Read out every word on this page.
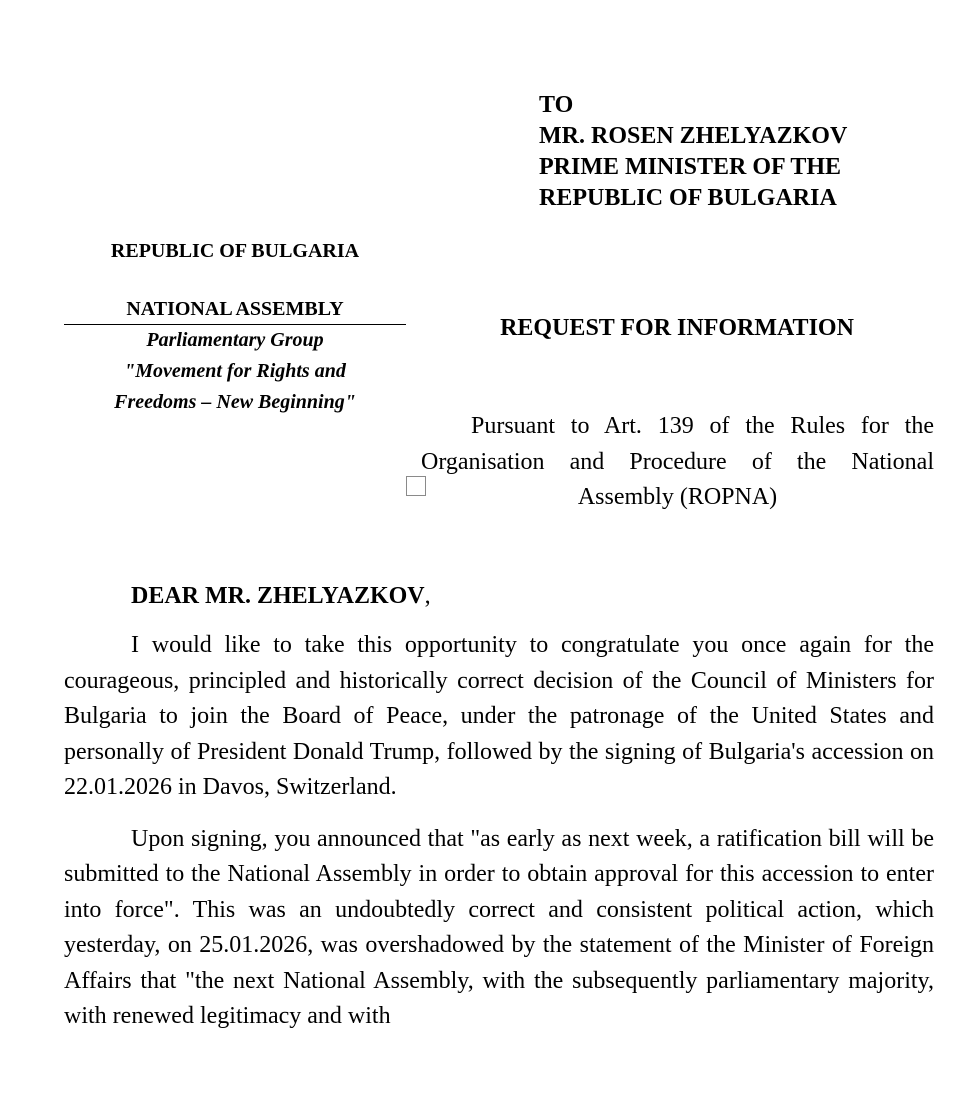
TO
MR. ROSEN ZHELYAZKOV
PRIME MINISTER OF THE
REPUBLIC OF BULGARIA
REPUBLIC OF BULGARIA
NATIONAL ASSEMBLY
Parliamentary Group
"Movement for Rights and
Freedoms – New Beginning"
REQUEST FOR INFORMATION
Pursuant to Art. 139 of the Rules for the Organisation and Procedure of the National Assembly (ROPNA)
DEAR MR. ZHELYAZKOV,

I would like to take this opportunity to congratulate you once again for the courageous, principled and historically correct decision of the Council of Ministers for Bulgaria to join the Board of Peace, under the patronage of the United States and personally of President Donald Trump, followed by the signing of Bulgaria's accession on 22.01.2026 in Davos, Switzerland.

Upon signing, you announced that "as early as next week, a ratification bill will be submitted to the National Assembly in order to obtain approval for this accession to enter into force". This was an undoubtedly correct and consistent political action, which yesterday, on 25.01.2026, was overshadowed by the statement of the Minister of Foreign Affairs that "the next National Assembly, with the subsequently parliamentary majority, with renewed legitimacy and with
